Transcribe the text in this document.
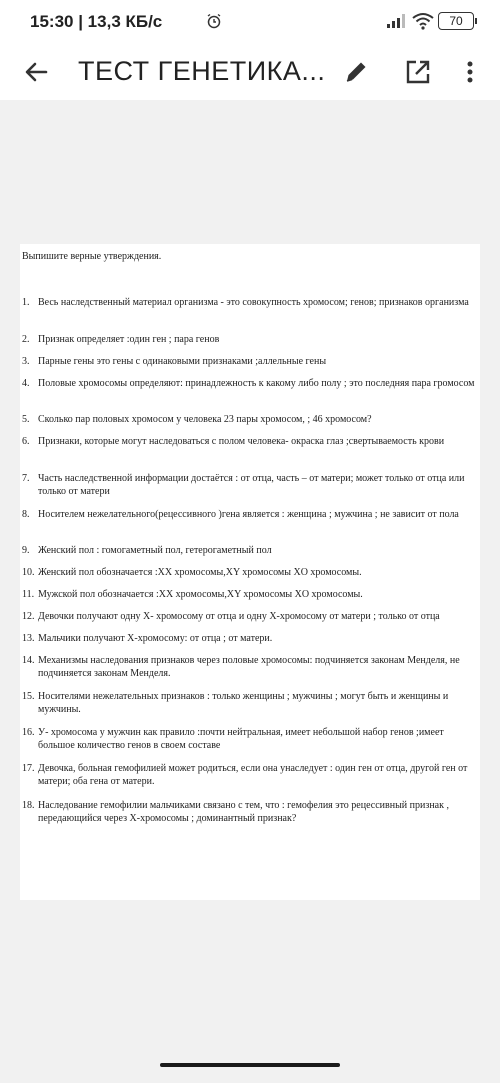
15:30 | 13,3 КБ/с	70
ТЕСТ ГЕНЕТИКА...
Выпишите верные утверждения.
1. Весь наследственный материал организма - это совокупность хромосом; генов; признаков организма
2. Признак определяет :один ген ; пара генов
3. Парные гены это гены с одинаковыми признаками ;аллельные гены
4. Половые хромосомы определяют: принадлежность к какому либо полу ; это последняя пара громосом
5. Сколько пар половых хромосом у человека 23 пары хромосом, ; 46 хромосом?
6. Признаки, которые могут наследоваться с полом человека- окраска глаз ;свертываемость крови
7. Часть наследственной информации достаётся : от отца, часть – от матери; может только от отца или только от матери
8. Носителем нежелательного(рецессивного )гена является : женщина ; мужчина ; не зависит от пола
9. Женский пол : гомогаметный пол, гетерогаметный пол
10. Женский пол обозначается :XX хромосомы,XY хромосомы XO хромосомы.
11. Мужской пол обозначается :XX хромосомы,XY хромосомы XO хромосомы.
12. Девочки получают одну X- хромосому от отца и одну X-хромосому от матери ; только от отца
13. Мальчики получают X-хромосому: от отца ; от матери.
14. Механизмы наследования признаков через половые хромосомы: подчиняется законам Менделя, не подчиняется законам Менделя.
15. Носителями нежелательных признаков : только женщины ; мужчины ; могут быть и женщины и мужчины.
16. У- хромосома у мужчин как правило :почти нейтральная, имеет небольшой набор генов ;имеет большое количество генов в своем составе
17. Девочка, больная гемофилией может родиться, если она унаследует : один ген от отца, другой ген от матери; оба гена от матери.
18. Наследование гемофилии мальчиками связано с тем, что : гемофелия это рецессивный признак , передающийся через X-хромосомы ; доминантный признак?
